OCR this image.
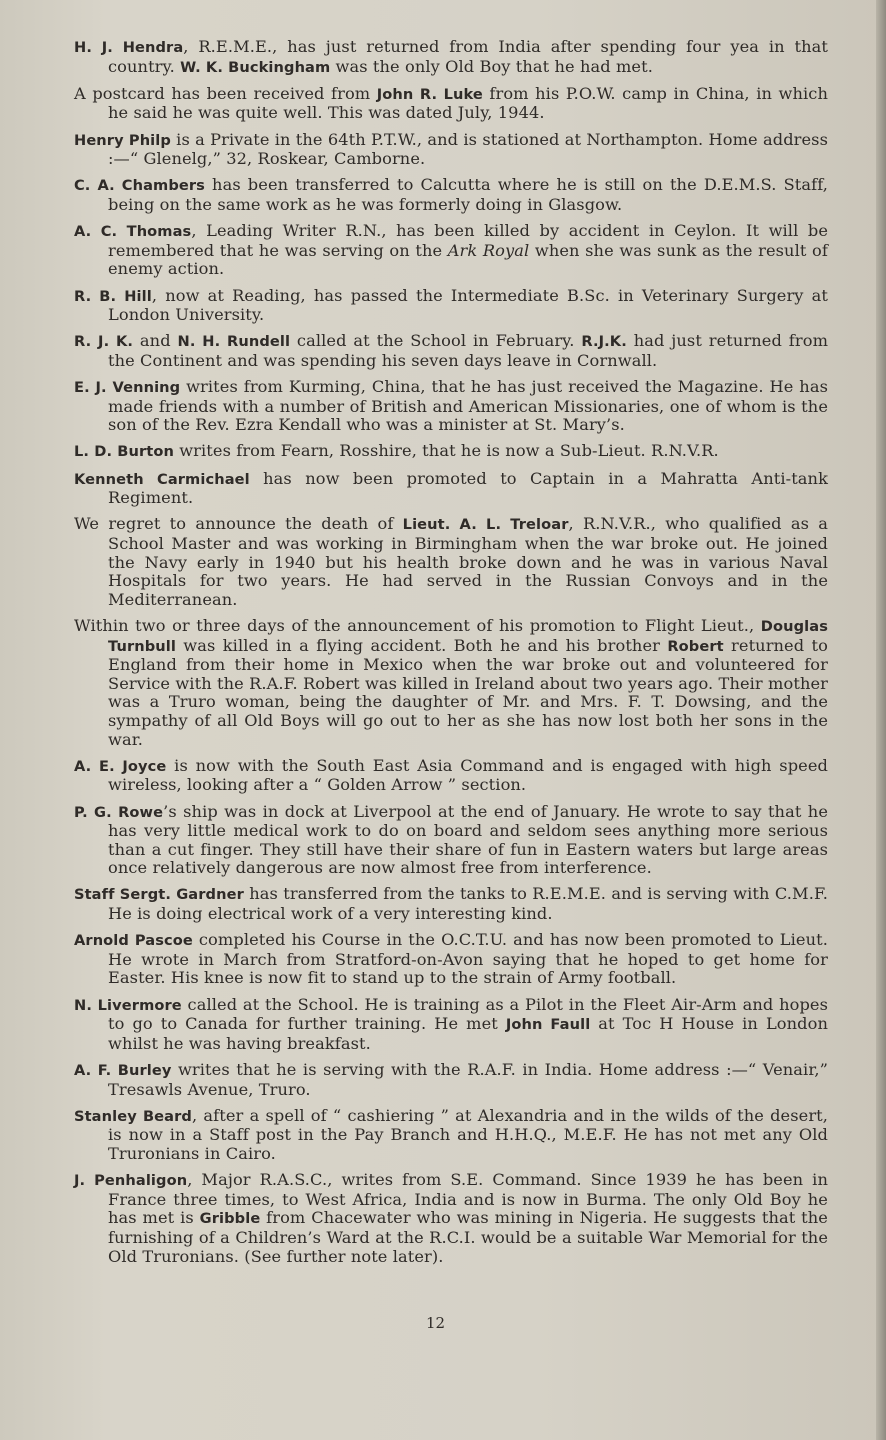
H. J. Hendra, R.E.M.E., has just returned from India after spending four yea in that country. W. K. Buckingham was the only Old Boy that he had met.

A postcard has been received from John R. Luke from his P.O.W. camp in China, in which he said he was quite well. This was dated July, 1944.

Henry Philp is a Private in the 64th P.T.W., and is stationed at Northampton. Home address :—“ Glenelg,” 32, Roskear, Camborne.

C. A. Chambers has been transferred to Calcutta where he is still on the D.E.M.S. Staff, being on the same work as he was formerly doing in Glasgow.

A. C. Thomas, Leading Writer R.N., has been killed by accident in Ceylon. It will be remembered that he was serving on the Ark Royal when she was sunk as the result of enemy action.

R. B. Hill, now at Reading, has passed the Intermediate B.Sc. in Veterinary Surgery at London University.

R. J. K. and N. H. Rundell called at the School in February. R.J.K. had just returned from the Continent and was spending his seven days leave in Cornwall.

E. J. Venning writes from Kurming, China, that he has just received the Magazine. He has made friends with a number of British and American Missionaries, one of whom is the son of the Rev. Ezra Kendall who was a minister at St. Mary’s.

L. D. Burton writes from Fearn, Rosshire, that he is now a Sub-Lieut. R.N.V.R.

Kenneth Carmichael has now been promoted to Captain in a Mahratta Anti-tank Regiment.

We regret to announce the death of Lieut. A. L. Treloar, R.N.V.R., who qualified as a School Master and was working in Birmingham when the war broke out. He joined the Navy early in 1940 but his health broke down and he was in various Naval Hospitals for two years. He had served in the Russian Convoys and in the Mediterranean.

Within two or three days of the announcement of his promotion to Flight Lieut., Douglas Turnbull was killed in a flying accident. Both he and his brother Robert returned to England from their home in Mexico when the war broke out and volunteered for Service with the R.A.F. Robert was killed in Ireland about two years ago. Their mother was a Truro woman, being the daughter of Mr. and Mrs. F. T. Dowsing, and the sympathy of all Old Boys will go out to her as she has now lost both her sons in the war.

A. E. Joyce is now with the South East Asia Command and is engaged with high speed wireless, looking after a “ Golden Arrow ” section.

P. G. Rowe’s ship was in dock at Liverpool at the end of January. He wrote to say that he has very little medical work to do on board and seldom sees anything more serious than a cut finger. They still have their share of fun in Eastern waters but large areas once relatively dangerous are now almost free from interference.

Staff Sergt. Gardner has transferred from the tanks to R.E.M.E. and is serving with C.M.F. He is doing electrical work of a very interesting kind.

Arnold Pascoe completed his Course in the O.C.T.U. and has now been promoted to Lieut. He wrote in March from Stratford-on-Avon saying that he hoped to get home for Easter. His knee is now fit to stand up to the strain of Army football.

N. Livermore called at the School. He is training as a Pilot in the Fleet Air-Arm and hopes to go to Canada for further training. He met John Faull at Toc H House in London whilst he was having breakfast.

A. F. Burley writes that he is serving with the R.A.F. in India. Home address :—“ Venair,” Tresawls Avenue, Truro.

Stanley Beard, after a spell of “ cashiering ” at Alexandria and in the wilds of the desert, is now in a Staff post in the Pay Branch and H.H.Q., M.E.F. He has not met any Old Truronians in Cairo.

J. Penhaligon, Major R.A.S.C., writes from S.E. Command. Since 1939 he has been in France three times, to West Africa, India and is now in Burma. The only Old Boy he has met is Gribble from Chacewater who was mining in Nigeria. He suggests that the furnishing of a Children’s Ward at the R.C.I. would be a suitable War Memorial for the Old Truronians. (See further note later).

12
